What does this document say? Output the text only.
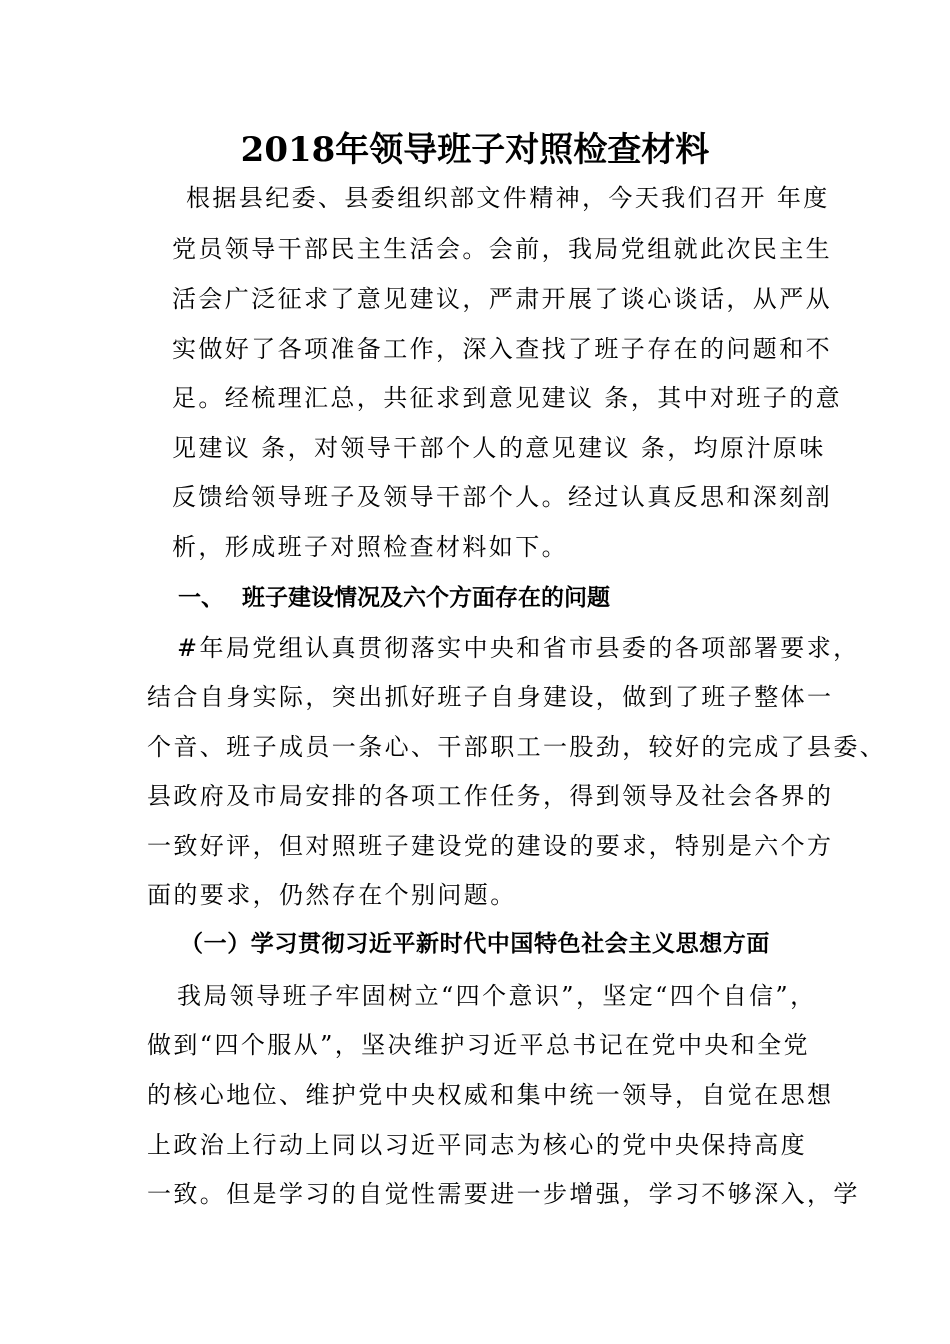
2018年领导班子对照检查材料
根据县纪委、县委组织部文件精神，今天我们召开 年度
党员领导干部民主生活会。会前，我局党组就此次民主生
活会广泛征求了意见建议，严肃开展了谈心谈话，从严从
实做好了各项准备工作，深入查找了班子存在的问题和不
足。经梳理汇总，共征求到意见建议 条，其中对班子的意
见建议 条，对领导干部个人的意见建议 条，均原汁原味
反馈给领导班子及领导干部个人。经过认真反思和深刻剖
析，形成班子对照检查材料如下。
一、 班子建设情况及六个方面存在的问题
#年局党组认真贯彻落实中央和省市县委的各项部署要求，
结合自身实际，突出抓好班子自身建设，做到了班子整体一
个音、班子成员一条心、干部职工一股劲，较好的完成了县委、
县政府及市局安排的各项工作任务，得到领导及社会各界的
一致好评，但对照班子建设党的建设的要求，特别是六个方
面的要求，仍然存在个别问题。
（一）学习贯彻习近平新时代中国特色社会主义思想方面
我局领导班子牢固树立“四个意识”，坚定“四个自信”，
做到“四个服从”，坚决维护习近平总书记在党中央和全党
的核心地位、维护党中央权威和集中统一领导，自觉在思想
上政治上行动上同以习近平同志为核心的党中央保持高度
一致。但是学习的自觉性需要进一步增强，学习不够深入，学
